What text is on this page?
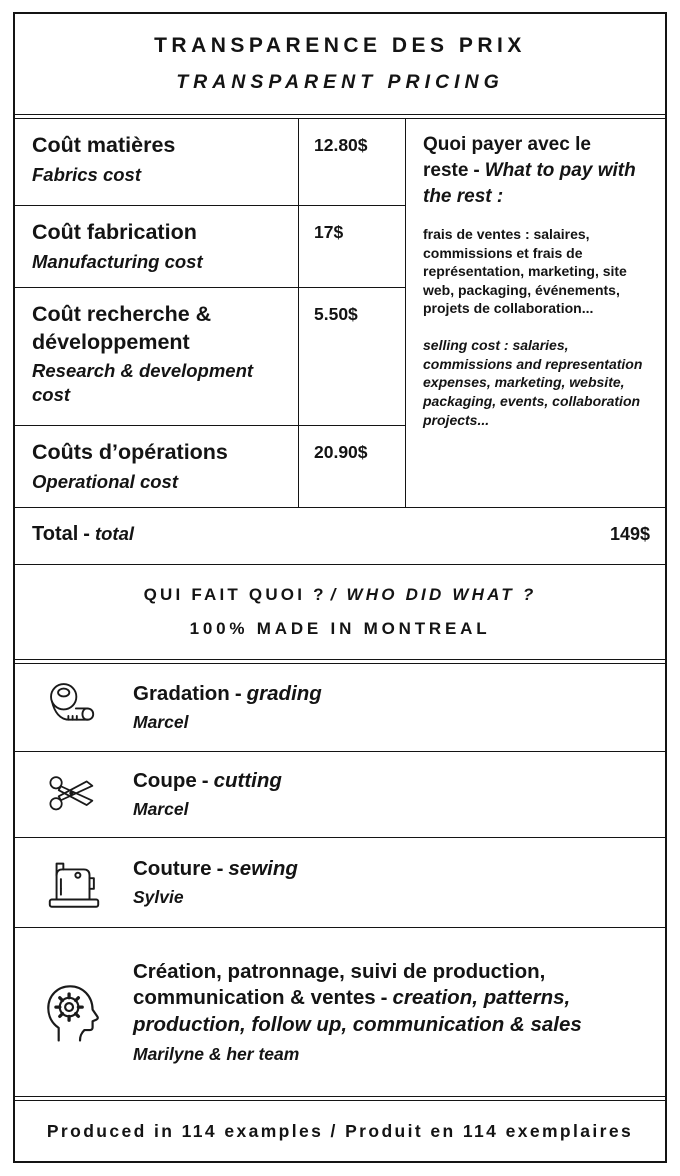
TRANSPARENCE DES PRIX
TRANSPARENT PRICING
Coût matières
Fabrics cost
12.80$	Quoi payer avec le reste - What to pay with the rest :
frais de ventes : salaires, commissions et frais de représentation, marketing, site web, packaging, événements, projets de collaboration...
selling cost : salaries, commissions and representation expenses, marketing, website, packaging, events, collaboration projects...
Coût fabrication
Manufacturing cost
17$
Coût recherche & développement
Research & development cost
5.50$
Coûts d’opérations
Operational cost
20.90$
Total - total	149$
QUI FAIT QUOI ? / WHO DID WHAT ?
100% MADE IN MONTREAL
Gradation - grading
Marcel
Coupe - cutting
Marcel
Couture - sewing
Sylvie
Création, patronnage, suivi de production, communication & ventes - creation, patterns, production, follow up, communication & sales
Marilyne & her team
Produced in 114 examples / Produit en 114 exemplaires
